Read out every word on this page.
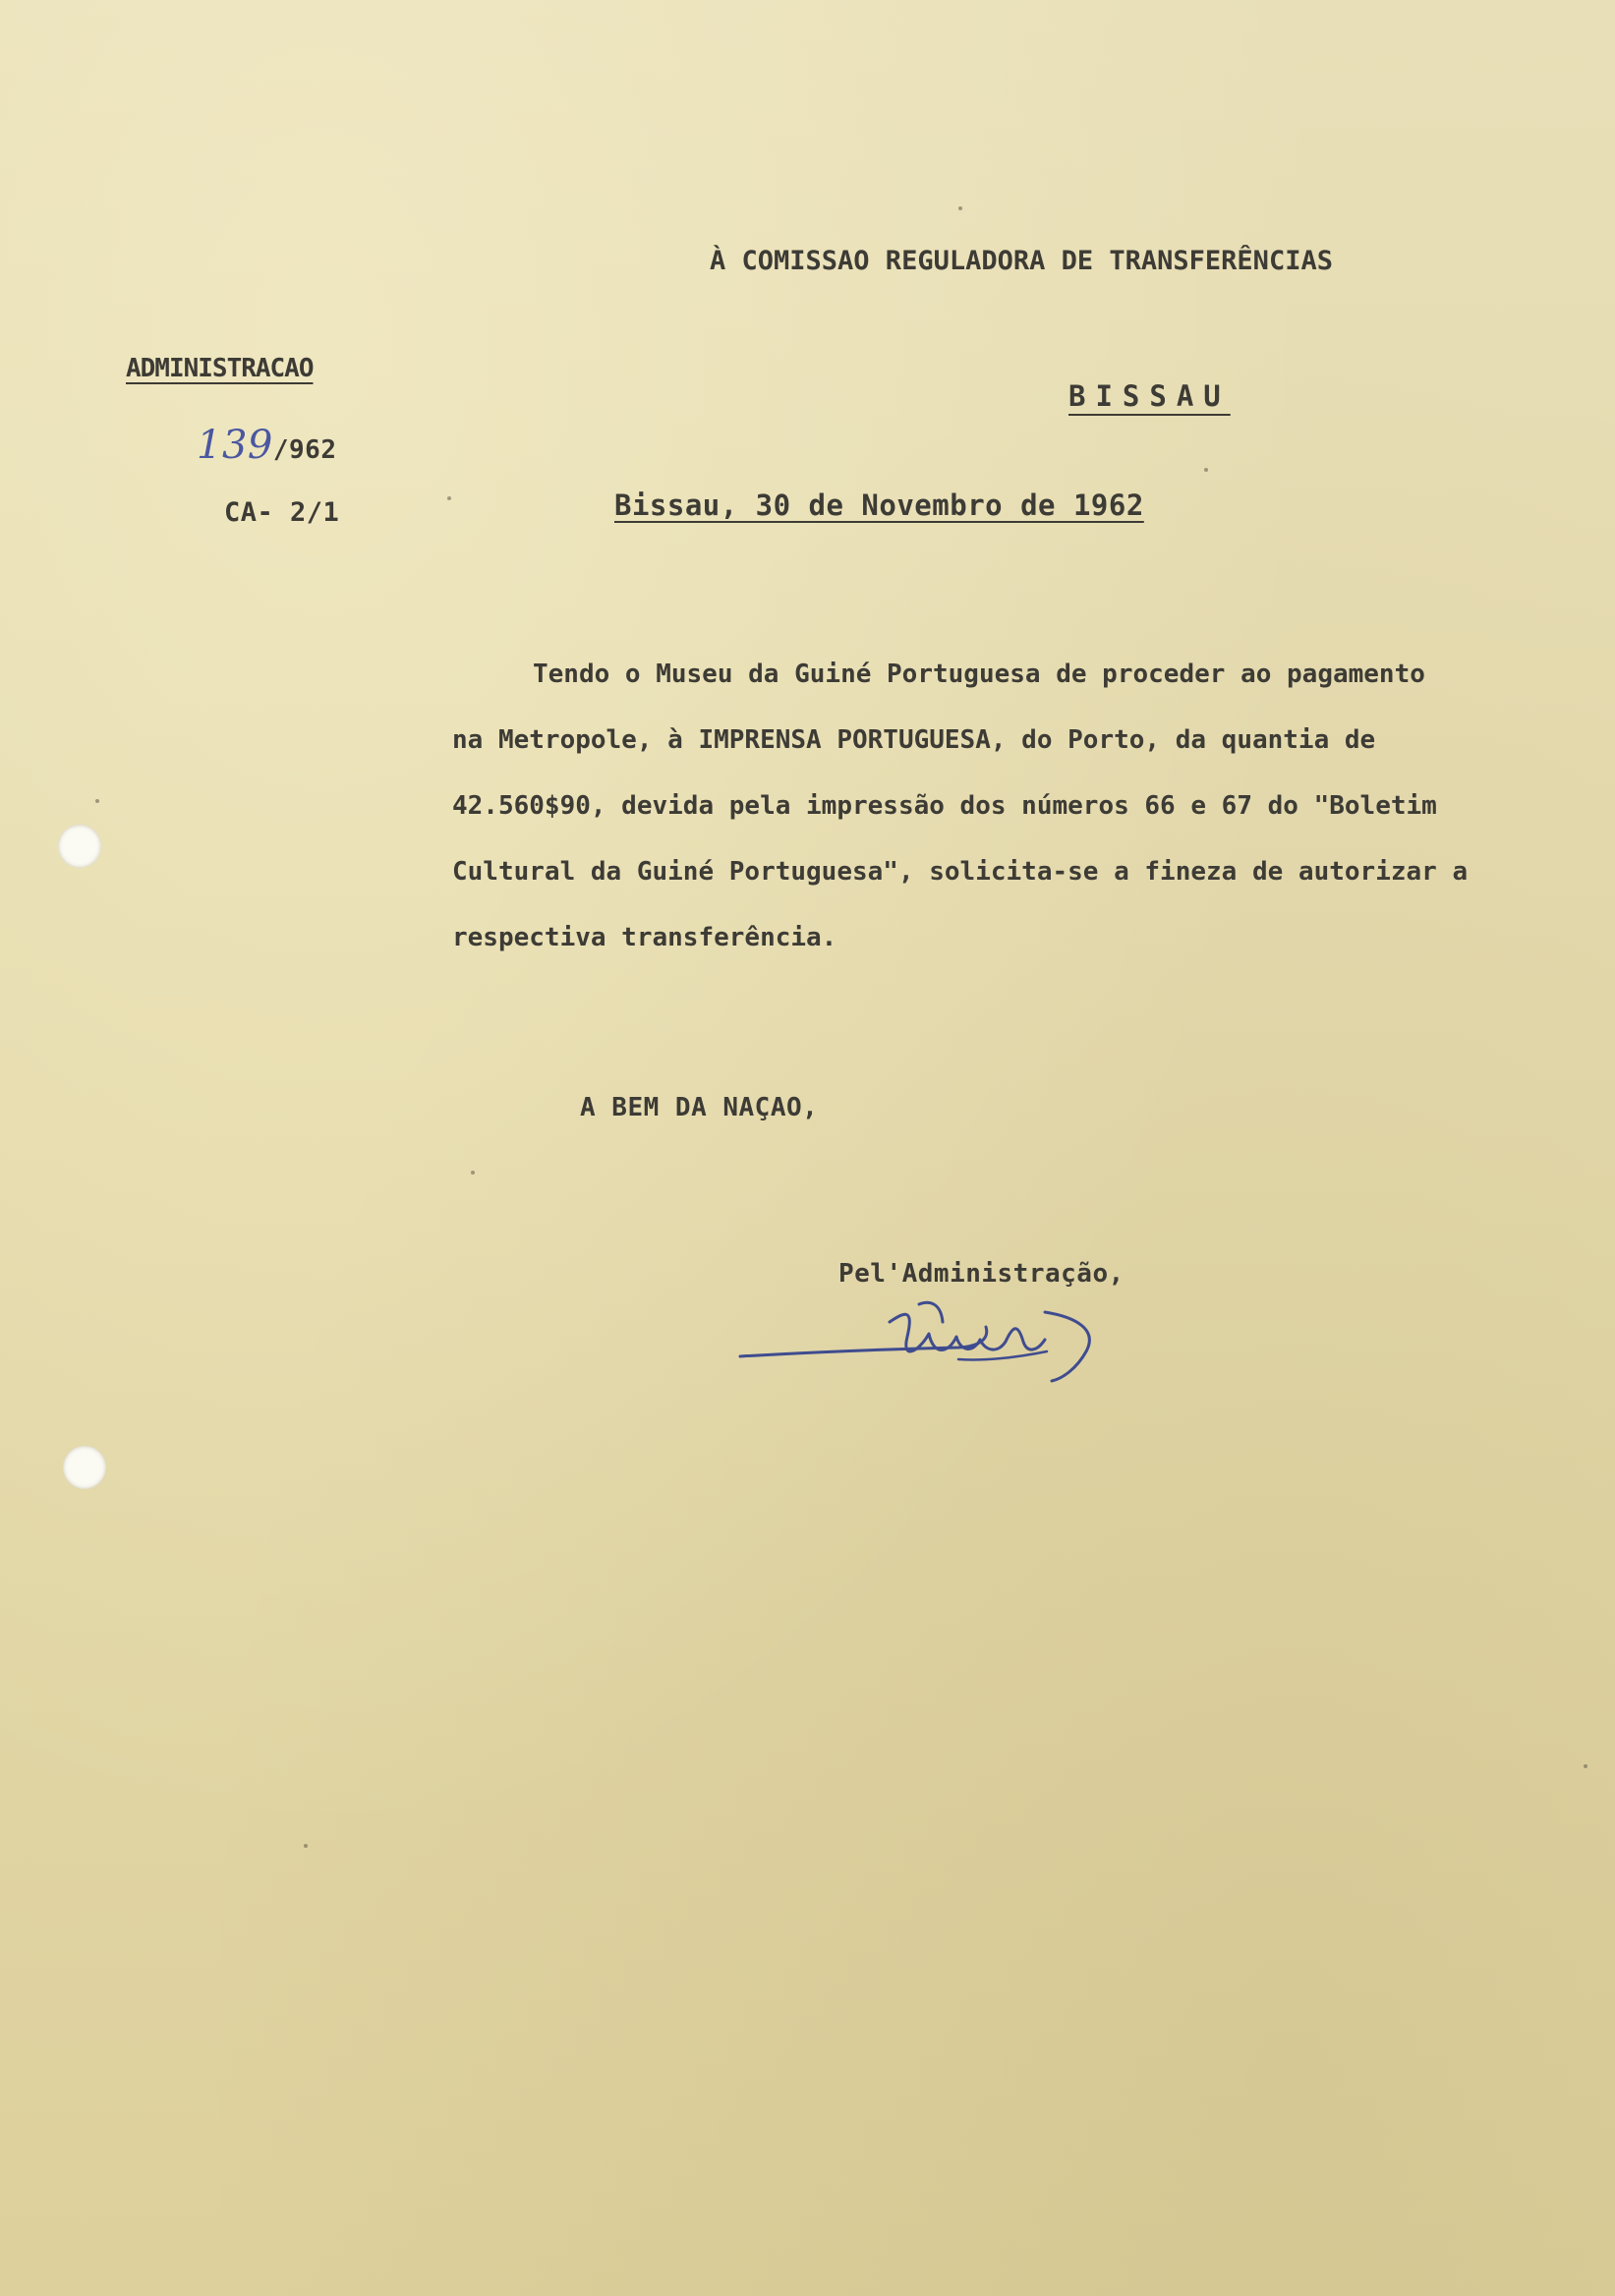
À COMISSAO REGULADORA DE TRANSFERÊNCIAS
ADMINISTRACAO
BISSAU
139/962
CA- 2/1	Bissau, 30 de Novembro de 1962
Tendo o Museu da Guiné Portuguesa de proceder ao pagamento
na Metropole, à IMPRENSA PORTUGUESA, do Porto, da quantia de
42.560$90, devida pela impressão dos números 66 e 67 do "Boletim
Cultural da Guiné Portuguesa", solicita-se a fineza de autorizar a
respectiva transferência.
A BEM DA NAÇAO,
Pel'Administração,
